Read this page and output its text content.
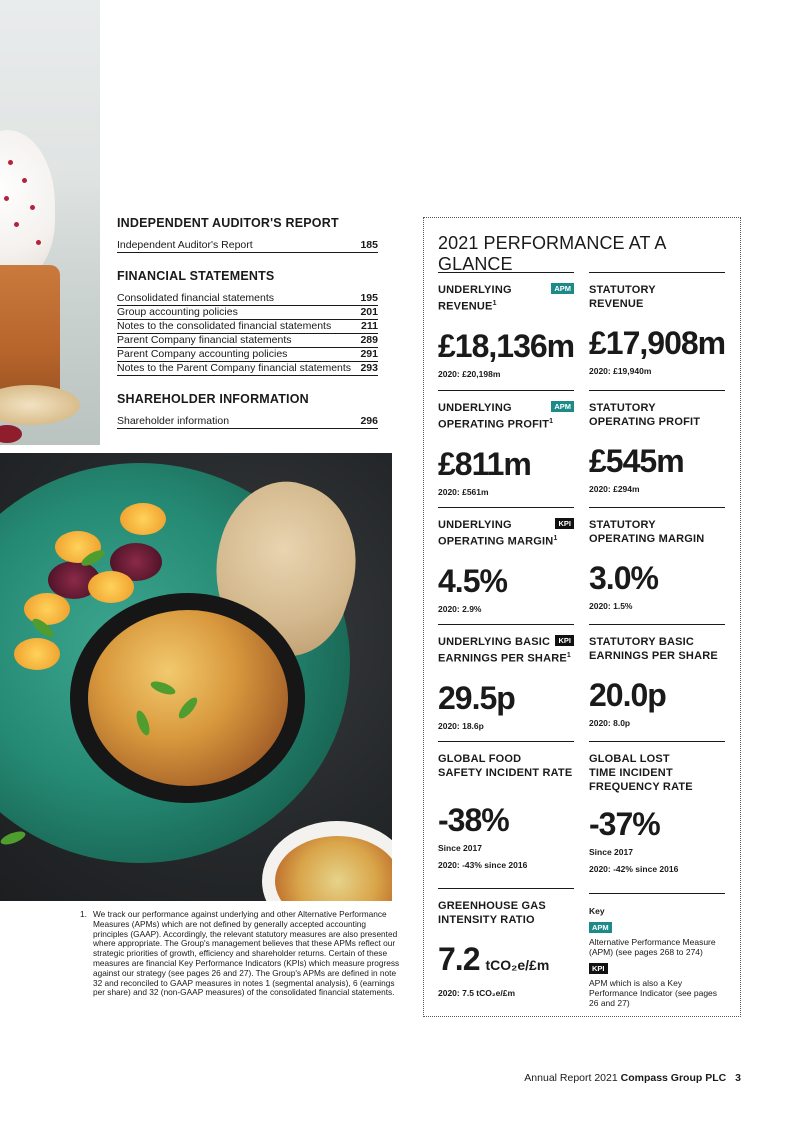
INDEPENDENT AUDITOR'S REPORT
Independent Auditor's Report	185
FINANCIAL STATEMENTS
Consolidated financial statements	195
Group accounting policies	201
Notes to the consolidated financial statements	211
Parent Company financial statements	289
Parent Company accounting policies	291
Notes to the Parent Company financial statements 293
SHAREHOLDER INFORMATION
Shareholder information	296
2021 PERFORMANCE AT A GLANCE
UNDERLYING
REVENUE$^1$
APM
£18,136m
2020: £20,198m
STATUTORY
REVENUE
£17,908m
2020: £19,940m
UNDERLYING
OPERATING PROFIT$^1$
APM
£811m
2020: £561m
STATUTORY
OPERATING PROFIT
£545m
2020: £294m
UNDERLYING
OPERATING MARGIN$^1$
KPI
4.5%
2020: 2.9%
STATUTORY
OPERATING MARGIN
3.0%
2020: 1.5%
UNDERLYING BASIC
EARNINGS PER SHARE$^1$
KPI
29.5p
2020: 18.6p
STATUTORY BASIC
EARNINGS PER SHARE
20.0p
2020: 8.0p
GLOBAL FOOD
SAFETY INCIDENT RATE
-38%
Since 2017
2020: -43% since 2016
GLOBAL LOST
TIME INCIDENT
FREQUENCY RATE
-37%
Since 2017
2020: -42% since 2016
GREENHOUSE GAS
INTENSITY RATIO
7.2 tCO₂e/£m
2020: 7.5 tCO₂e/£m
Key
APM
Alternative Performance Measure (APM) (see pages 268 to 274)
KPI
APM which is also a Key Performance Indicator (see pages 26 and 27)
1. We track our performance against underlying and other Alternative Performance Measures (APMs) which are not defined by generally accepted accounting principles (GAAP). Accordingly, the relevant statutory measures are also presented where appropriate. The Group's management believes that these APMs reflect our strategic priorities of growth, efficiency and shareholder returns. Certain of these measures are financial Key Performance Indicators (KPIs) which measure progress against our strategy (see pages 26 and 27). The Group's APMs are defined in note 32 and reconciled to GAAP measures in notes 1 (segmental analysis), 6 (earnings per share) and 32 (non-GAAP measures) of the consolidated financial statements.
Annual Report 2021 Compass Group PLC 3
